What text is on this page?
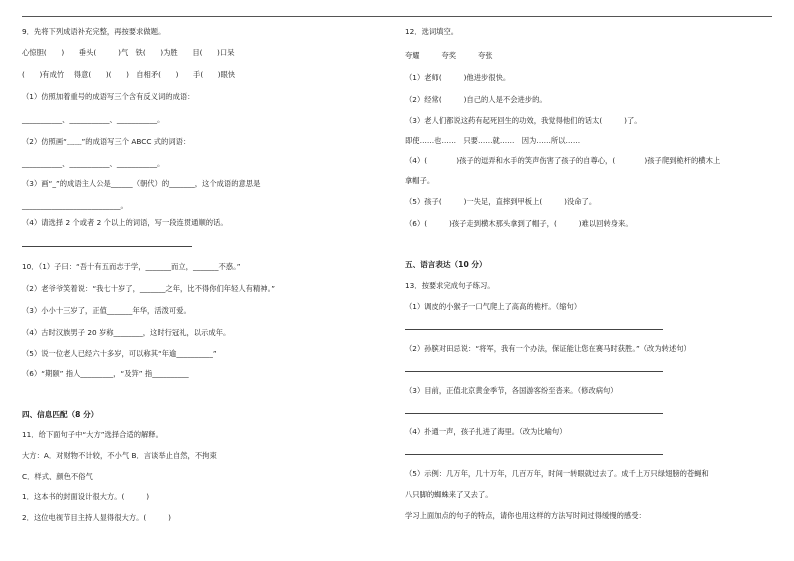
9．先将下列成语补充完整，再按要求做题。
心惊胆(　　)　　垂头(　　　)气　铁(　　)为胜　　目(　　)口呆
(　　)有成竹　 得意(　　)(　　)　自相矛(　　)　　手(　　)眼快
（1）仿照加着重号的成语写三个含有反义词的成语：
___________、___________、___________。
（2）仿照画“﹏﹏”的成语写三个 ABCC 式的词语：
___________、___________、___________。
（3）画“_”的成语主人公是______（朝代）的_______，这个成语的意思是
___________________________。
（4）请选择 2 个或者 2 个以上的词语，写一段连贯通顺的话。
10．（1）子曰：“吾十有五而志于学，_______而立，_______不惑。”
（2）老爷爷笑着说：“我七十岁了，_______之年，比不得你们年轻人有精神。”
（3）小小十三岁了，正值_______年华，活泼可爱。
（4）古时汉族男子 20 岁称________，这时行冠礼，以示成年。
（5）说一位老人已经六十多岁，可以称其“年逾__________”
（6）“期颐” 指人_________，“及笄” 指__________
四、信息匹配（8 分）
11．给下面句子中“大方”选择合适的解释。
大方：A．对财物不计较，不小气 B．言谈举止自然，不拘束
C．样式、颜色不俗气
1．这本书的封面设计很大方。(　　　)
2．这位电视节目主持人显得很大方。(　　　)
12．选词填空。
夸耀　　　夸奖　　　夸张
（1）老师(　　　)他进步很快。
（2）经常(　　　)自己的人是不会进步的。
（3）老人们都说这药有起死回生的功效，我觉得他们的话太(　　　)了。
即使……也……　只要……就……　因为……所以……
（4）(　　　　)孩子的逗弄和水手的笑声伤害了孩子的自尊心，(　　　　)孩子爬到桅杆的横木上
拿帽子。
（5）孩子(　　　)一失足，直摔到甲板上(　　　)没命了。
（6）(　　　)孩子走到横木那头拿到了帽子，(　　　)难以回转身来。
五、语言表达（10 分）
13．按要求完成句子练习。
（1）调皮的小猴子一口气爬上了高高的桅杆。（缩句）
（2）孙膑对田忌说：“将军，我有一个办法，保证能让您在赛马时获胜。”（改为转述句）
（3）目前，正值北京黄金季节，各国游客纷至沓来。（修改病句）
（4）扑通一声，孩子扎进了海里。（改为比喻句）
（5）示例：几万年，几十万年，几百万年，时间一转眼就过去了。成千上万只绿翅膀的苍蝇和
八只脚的蜘蛛来了又去了。
学习上面加点的句子的特点，请你也用这样的方法写时间过得缓慢的感受：
